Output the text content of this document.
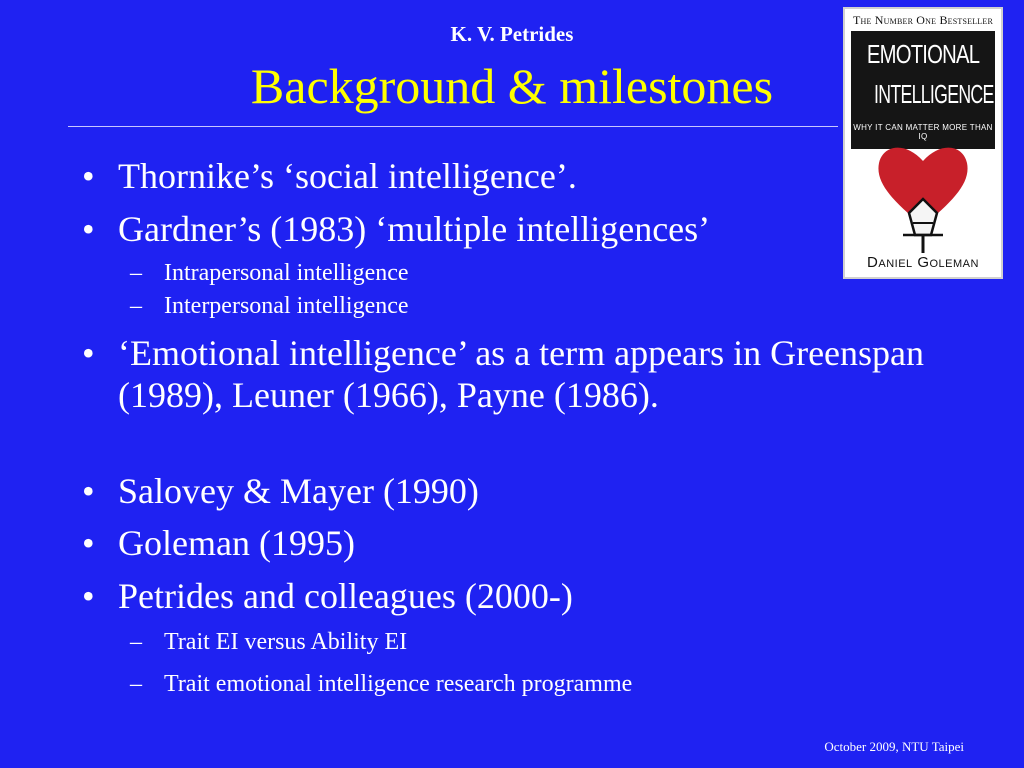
K. V. Petrides
Background & milestones
The Number One Bestseller
EMOTIONAL
INTELLIGENCE
WHY IT CAN MATTER MORE THAN IQ
Daniel Goleman
• Thornike’s ‘social intelligence’.
• Gardner’s (1983) ‘multiple intelligences’
– Intrapersonal intelligence
– Interpersonal intelligence
• ‘Emotional intelligence’ as a term appears in Greenspan (1989), Leuner (1966), Payne (1986).
• Salovey & Mayer (1990)
• Goleman (1995)
• Petrides and colleagues (2000-)
– Trait EI versus Ability EI
– Trait emotional intelligence research programme
October 2009, NTU Taipei
